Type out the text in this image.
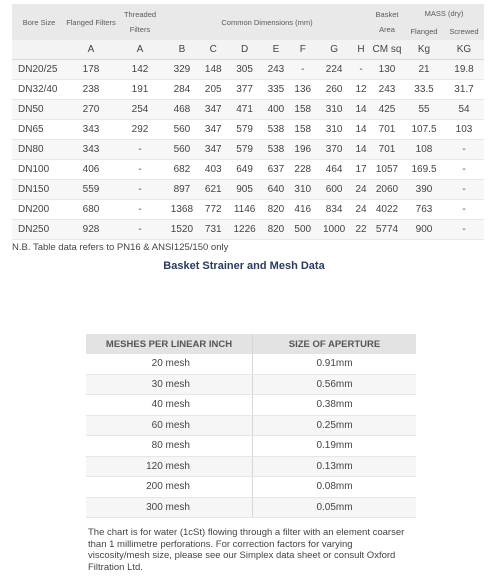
Bore Size	Flanged Filters	Threaded Filters	Common Dimensions (mm)							Basket Area	MASS (dry)	
											Flanged	Screwed
	A	A	B	C	D	E	F	G	H	CM sq	Kg	KG
DN20/25	178	142	329	148	305	243	-	224	-	130	21	19.8
DN32/40	238	191	284	205	377	335	136	260	12	243	33.5	31.7
DN50	270	254	468	347	471	400	158	310	14	425	55	54
DN65	343	292	560	347	579	538	158	310	14	701	107.5	103
DN80	343	-	560	347	579	538	196	370	14	701	108	-
DN100	406	-	682	403	649	637	228	464	17	1057	169.5	-
DN150	559	-	897	621	905	640	310	600	24	2060	390	-
DN200	680	-	1368	772	1146	820	416	834	24	4022	763	-
DN250	928	-	1520	731	1226	820	500	1000	22	5774	900	-
N.B. Table data refers to PN16 & ANSI125/150 only
Basket Strainer and Mesh Data
MESHES PER LINEAR INCH	SIZE OF APERTURE
20 mesh	0.91mm
30 mesh	0.56mm
40 mesh	0.38mm
60 mesh	0.25mm
80 mesh	0.19mm
120 mesh	0.13mm
200 mesh	0.08mm
300 mesh	0.05mm
The chart is for water (1cSt) flowing through a filter with an element coarser than 1 millimetre perforations. For correction factors for varying viscosity/mesh size, please see our Simplex data sheet or consult Oxford Filtration Ltd.
